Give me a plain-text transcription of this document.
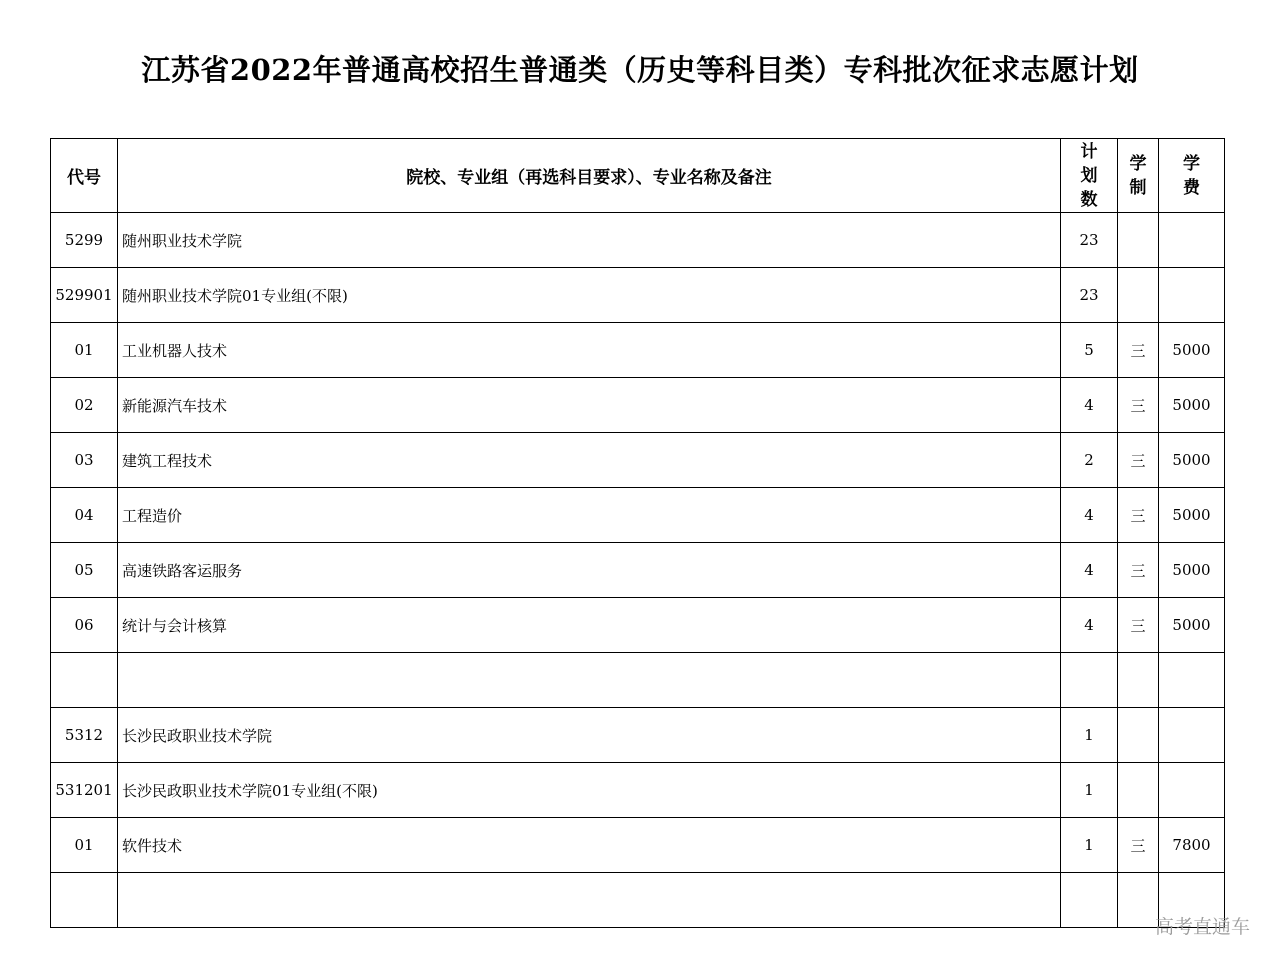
江苏省2022年普通高校招生普通类（历史等科目类）专科批次征求志愿计划
代号	院校、专业组（再选科目要求）、专业名称及备注	计划数	学制	学费
5299	随州职业技术学院	23		
529901	随州职业技术学院01专业组(不限)	23		
01	工业机器人技术	5	三	5000
02	新能源汽车技术	4	三	5000
03	建筑工程技术	2	三	5000
04	工程造价	4	三	5000
05	高速铁路客运服务	4	三	5000
06	统计与会计核算	4	三	5000

5312	长沙民政职业技术学院	1		
531201	长沙民政职业技术学院01专业组(不限)	1		
01	软件技术	1	三	7800

高考直通车
